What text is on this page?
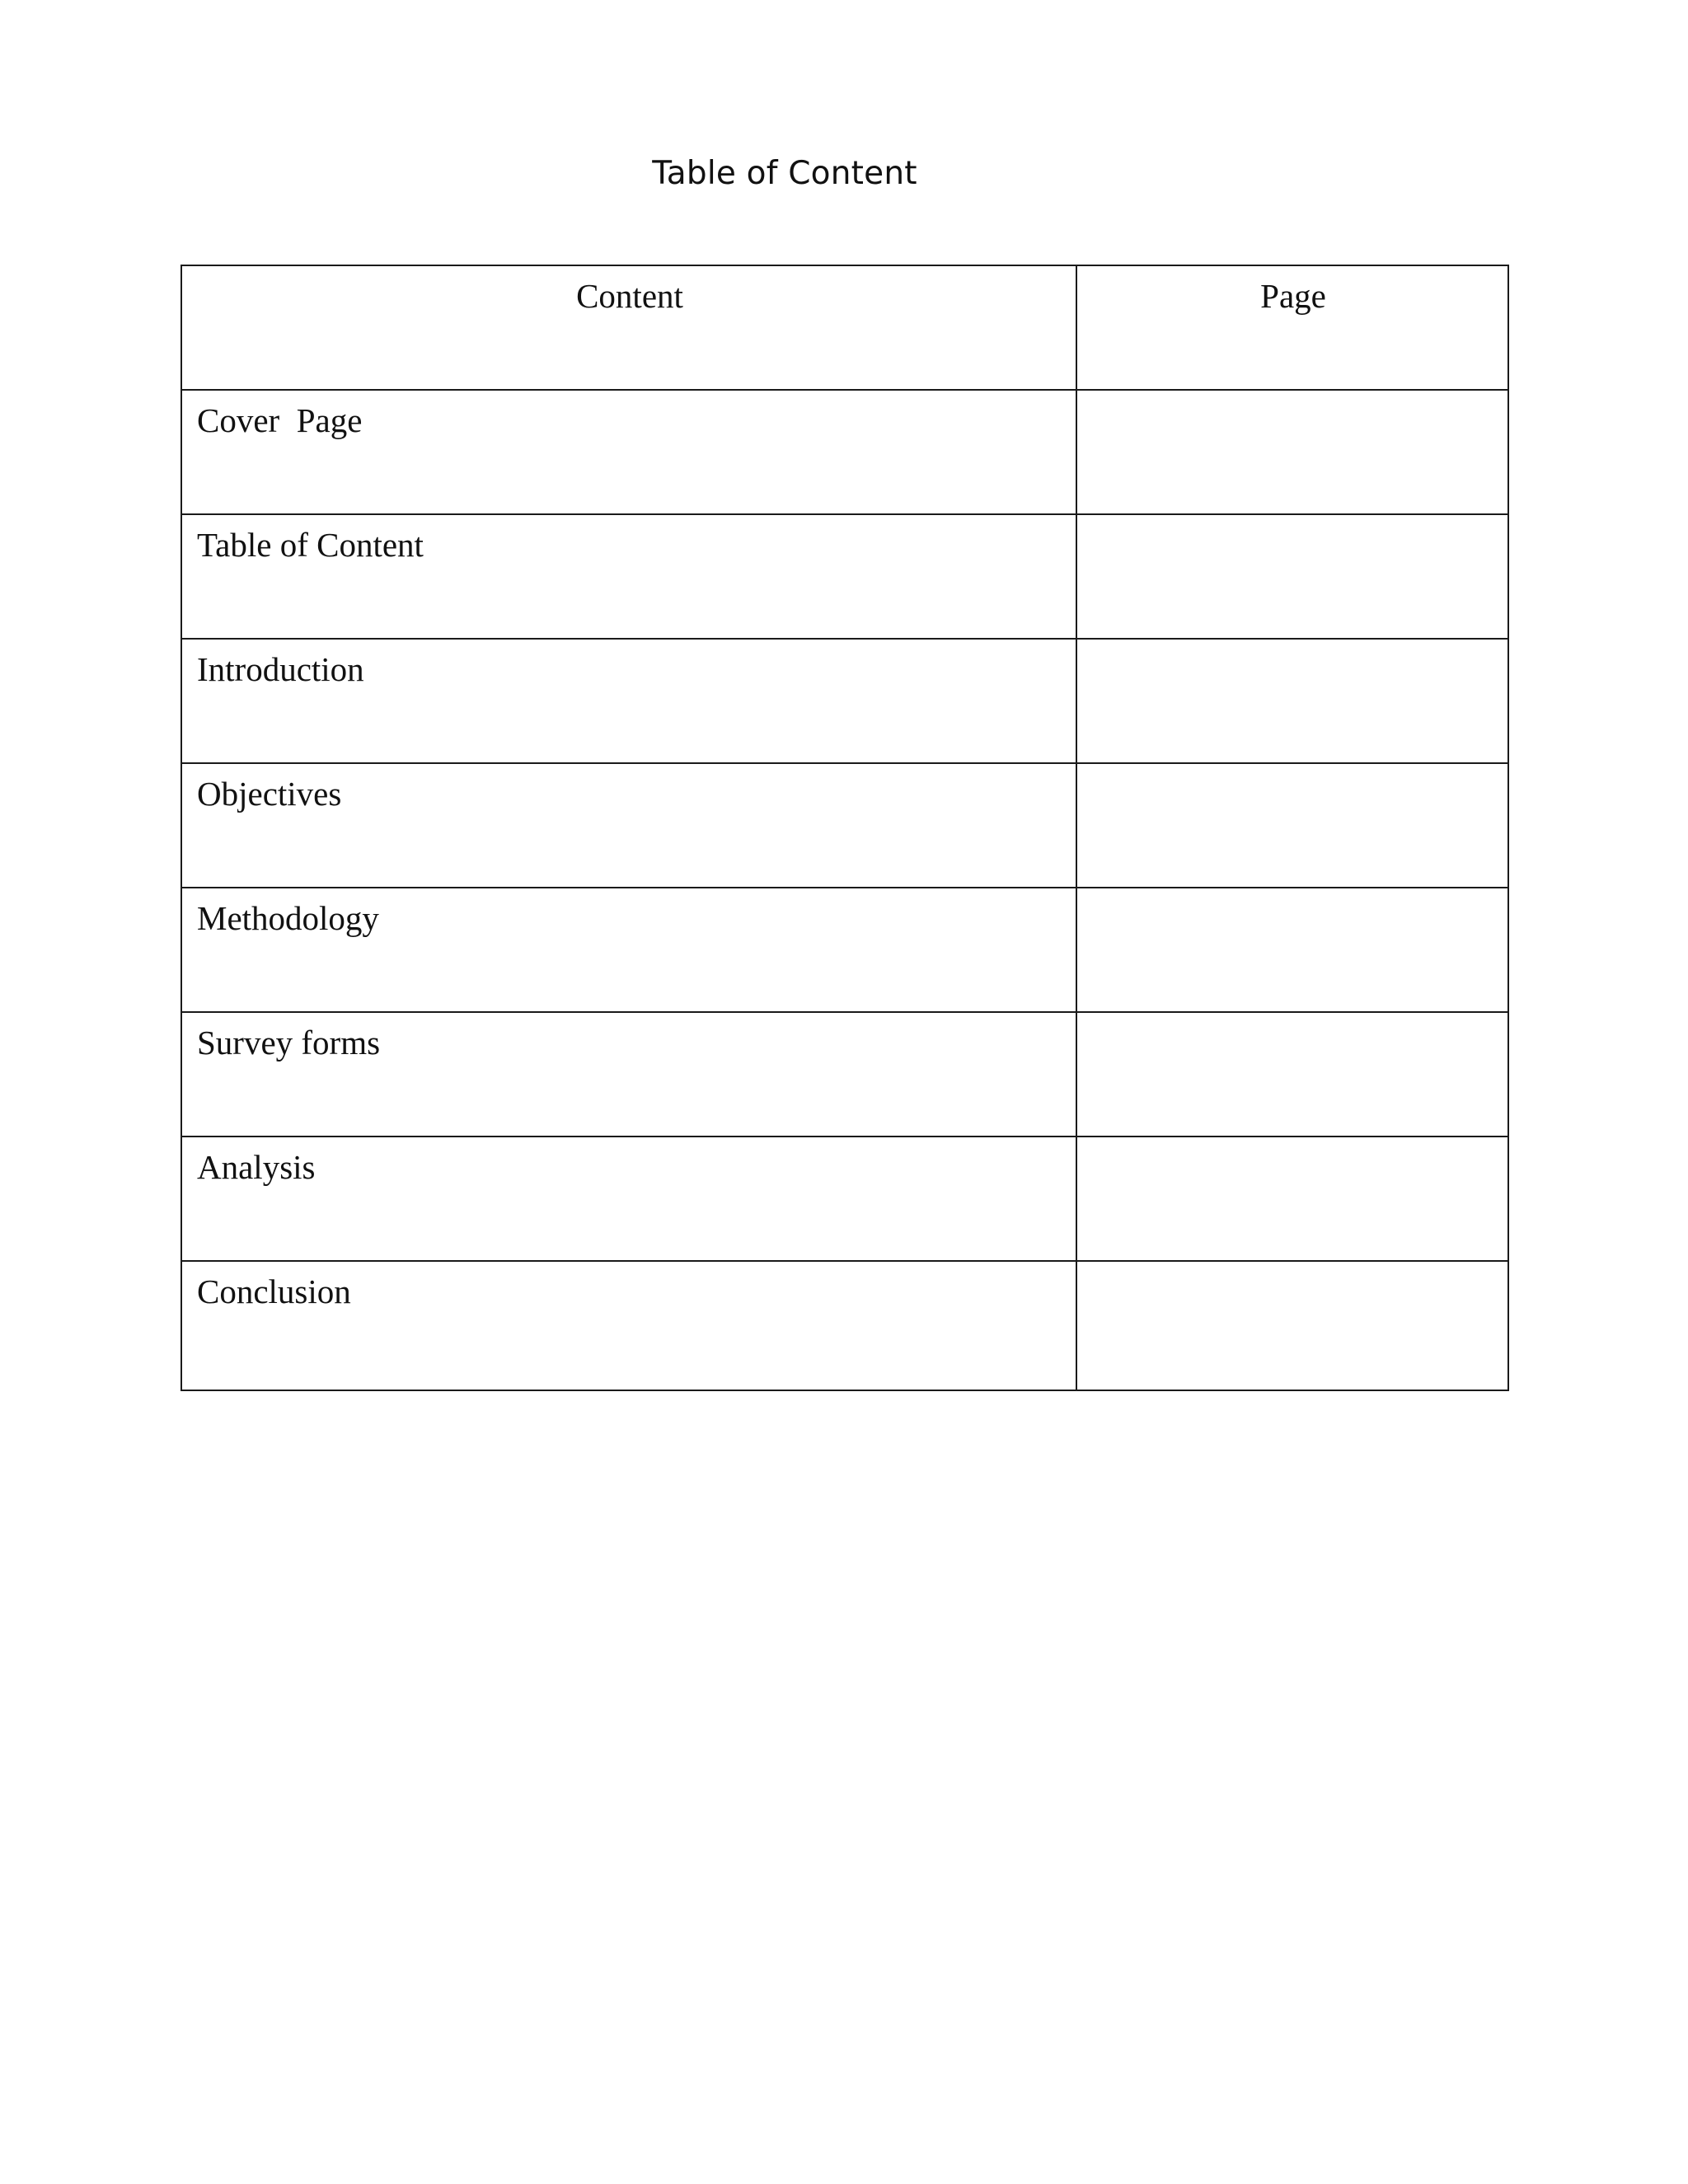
Table of Content
Content	Page
Cover  Page	
Table of Content	
Introduction	
Objectives	
Methodology	
Survey forms	
Analysis	
Conclusion	
